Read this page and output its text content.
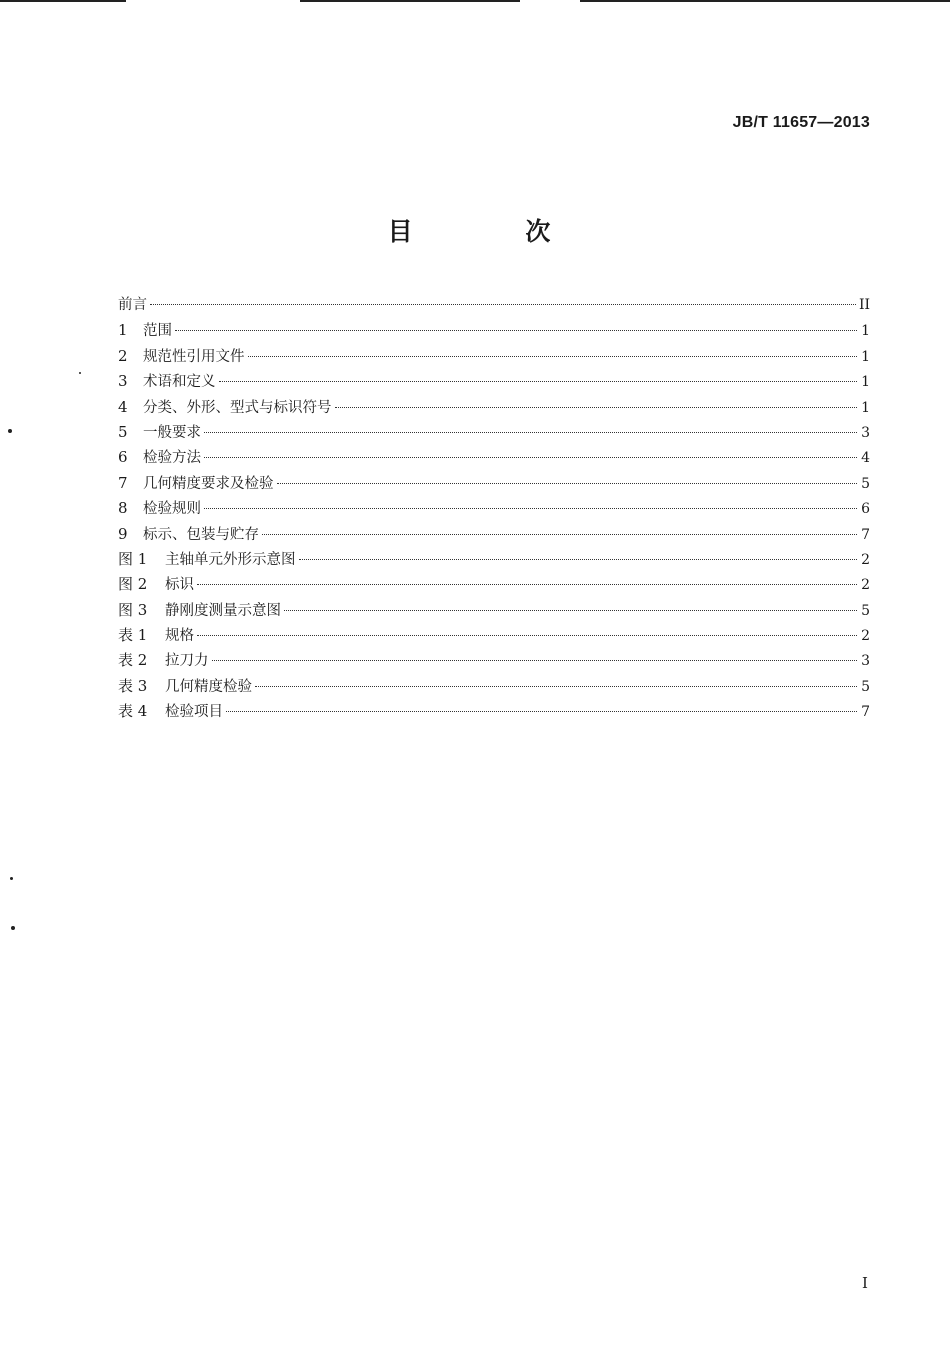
JB/T 11657—2013
目 次
前言	II
1	范围	1
2	规范性引用文件	1
3	术语和定义	1
4	分类、外形、型式与标识符号	1
5	一般要求	3
6	检验方法	4
7	几何精度要求及检验	5
8	检验规则	6
9	标示、包装与贮存	7
图 1	主轴单元外形示意图	2
图 2	标识	2
图 3	静刚度测量示意图	5
表 1	规格	2
表 2	拉刀力	3
表 3	几何精度检验	5
表 4	检验项目	7
I
